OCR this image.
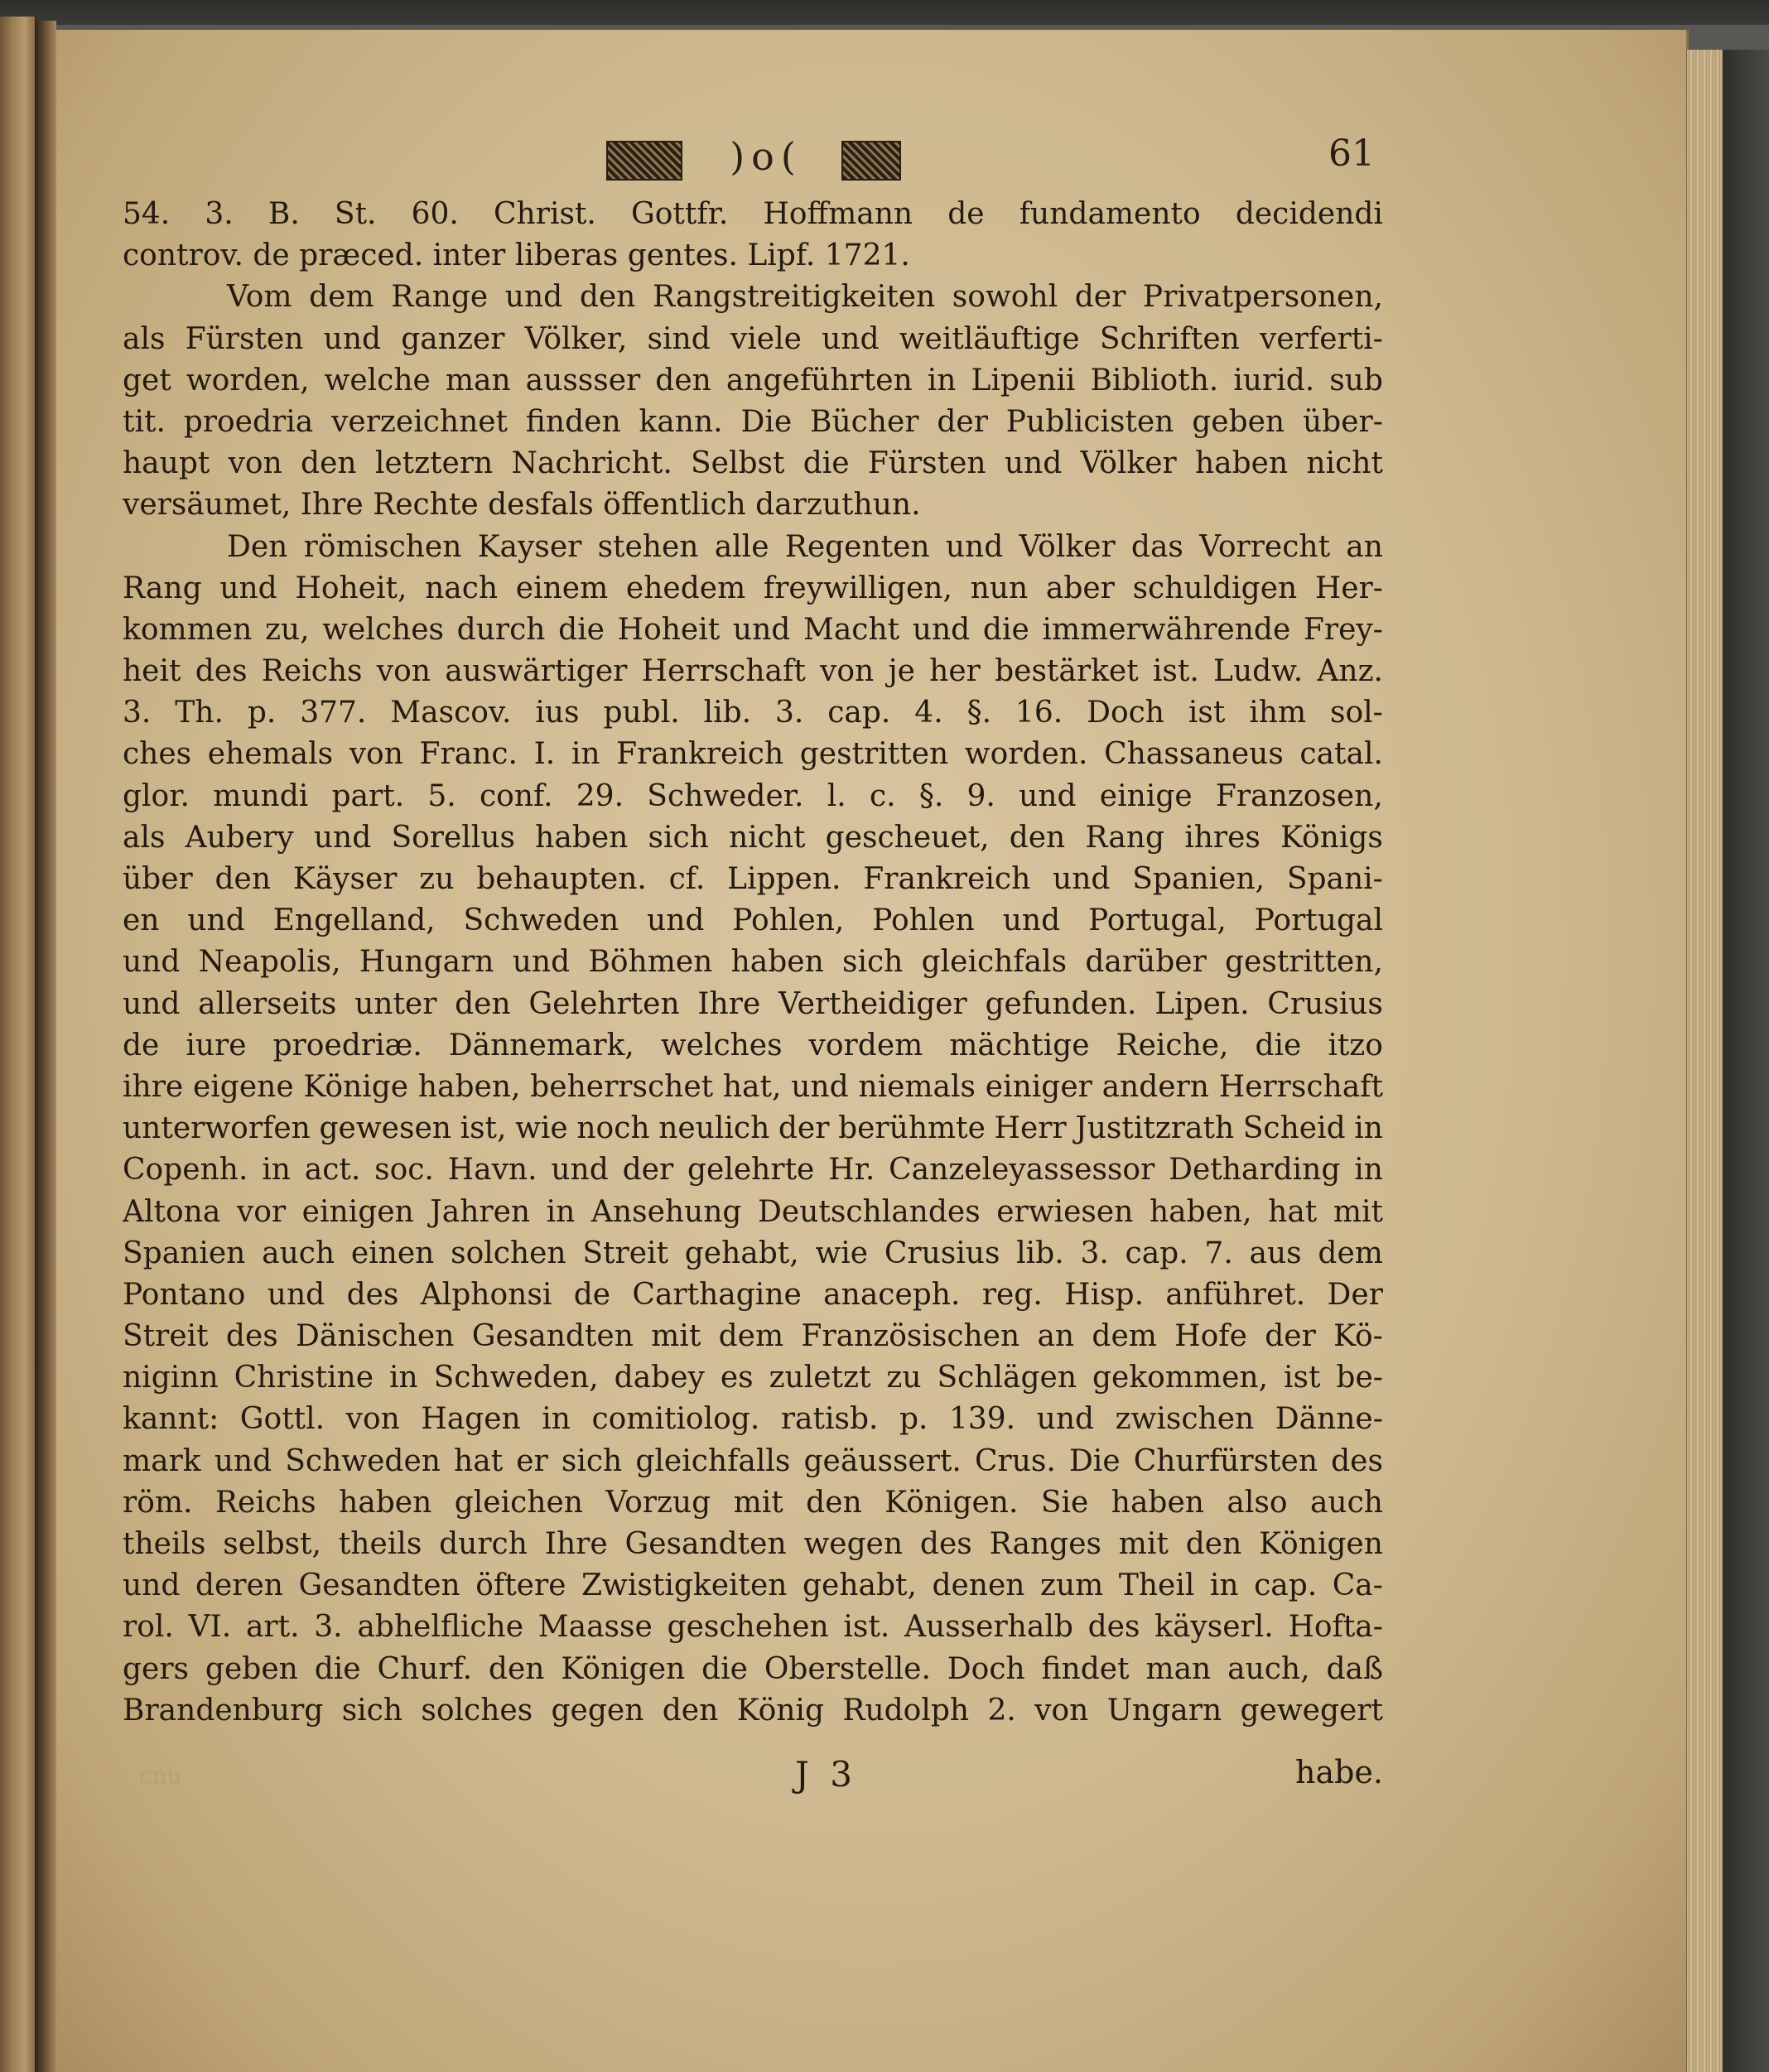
)o(	61
54. 3. B. St. 60. Christ. Gottfr. Hoffmann de fundamento decidendi
controv. de præced. inter liberas gentes. Lipf. 1721.
Vom dem Range und den Rangstreitigkeiten sowohl der Privatpersonen,
als Fürsten und ganzer Völker, sind viele und weitläuftige Schriften verferti-
get worden, welche man aussser den angeführten in Lipenii Biblioth. iurid. sub
tit. proedria verzeichnet finden kann. Die Bücher der Publicisten geben über-
haupt von den letztern Nachricht. Selbst die Fürsten und Völker haben nicht
versäumet, Ihre Rechte desfals öffentlich darzuthun.
Den römischen Kayser stehen alle Regenten und Völker das Vorrecht an
Rang und Hoheit, nach einem ehedem freywilligen, nun aber schuldigen Her-
kommen zu, welches durch die Hoheit und Macht und die immerwährende Frey-
heit des Reichs von auswärtiger Herrschaft von je her bestärket ist. Ludw. Anz.
3. Th. p. 377. Mascov. ius publ. lib. 3. cap. 4. §. 16. Doch ist ihm sol-
ches ehemals von Franc. I. in Frankreich gestritten worden. Chassaneus catal.
glor. mundi part. 5. conf. 29. Schweder. l. c. §. 9. und einige Franzosen,
als Aubery und Sorellus haben sich nicht gescheuet, den Rang ihres Königs
über den Käyser zu behaupten. cf. Lippen. Frankreich und Spanien, Spani-
en und Engelland, Schweden und Pohlen, Pohlen und Portugal, Portugal
und Neapolis, Hungarn und Böhmen haben sich gleichfals darüber gestritten,
und allerseits unter den Gelehrten Ihre Vertheidiger gefunden. Lipen. Crusius
de iure proedriæ. Dännemark, welches vordem mächtige Reiche, die itzo
ihre eigene Könige haben, beherrschet hat, und niemals einiger andern Herrschaft
unterworfen gewesen ist, wie noch neulich der berühmte Herr Justitzrath Scheid in
Copenh. in act. soc. Havn. und der gelehrte Hr. Canzeleyassessor Detharding in
Altona vor einigen Jahren in Ansehung Deutschlandes erwiesen haben, hat mit
Spanien auch einen solchen Streit gehabt, wie Crusius lib. 3. cap. 7. aus dem
Pontano und des Alphonsi de Carthagine anaceph. reg. Hisp. anführet. Der
Streit des Dänischen Gesandten mit dem Französischen an dem Hofe der Kö-
niginn Christine in Schweden, dabey es zuletzt zu Schlägen gekommen, ist be-
kannt: Gottl. von Hagen in comitiolog. ratisb. p. 139. und zwischen Dänne-
mark und Schweden hat er sich gleichfalls geäussert. Crus. Die Churfürsten des
röm. Reichs haben gleichen Vorzug mit den Königen. Sie haben also auch
theils selbst, theils durch Ihre Gesandten wegen des Ranges mit den Königen
und deren Gesandten öftere Zwistigkeiten gehabt, denen zum Theil in cap. Ca-
rol. VI. art. 3. abhelfliche Maasse geschehen ist. Ausserhalb des käyserl. Hofta-
gers geben die Churf. den Königen die Oberstelle. Doch findet man auch, daß
Brandenburg sich solches gegen den König Rudolph 2. von Ungarn gewegert
cnu	J 3	habe.
